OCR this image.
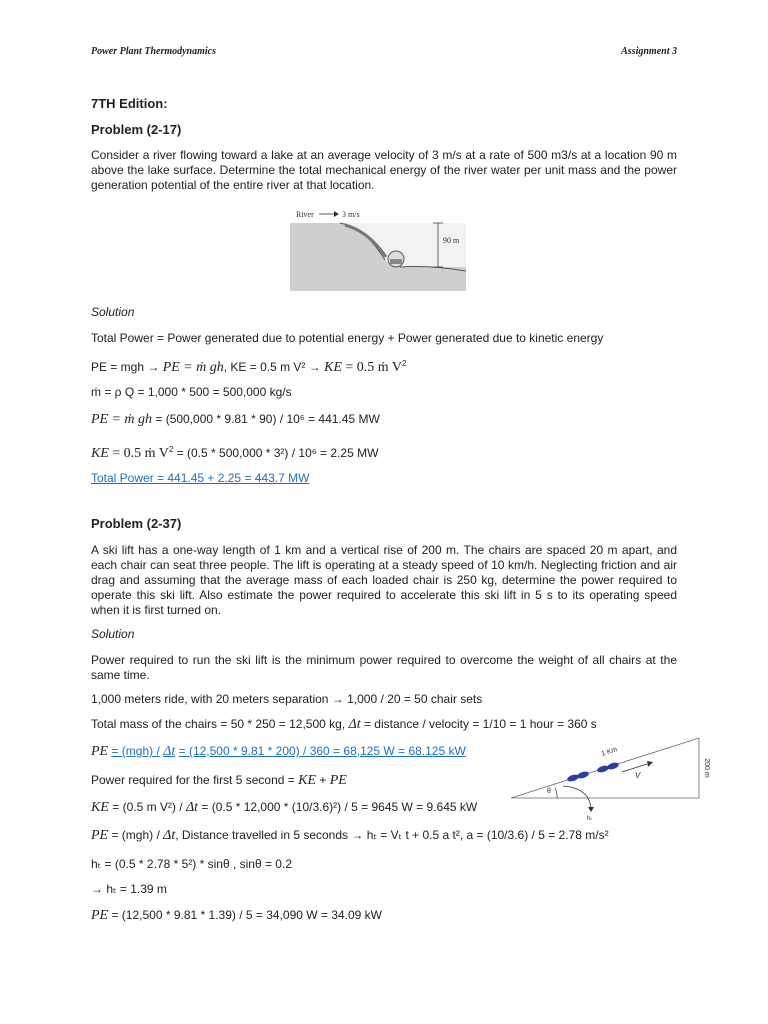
Power Plant Thermodynamics	Assignment 3
7TH Edition:
Problem (2-17)

Consider a river flowing toward a lake at an average velocity of 3 m/s at a rate of 500 m3/s at a location 90 m above the lake surface. Determine the total mechanical energy of the river water per unit mass and the power generation potential of the entire river at that location.

River	3 m/s
90 m
Solution
Total Power = Power generated due to potential energy + Power generated due to kinetic energy
PE = mgh → PE = ṁ gh, KE = 0.5 m V² → KE = 0.5 ṁ $V^2$
ṁ = ρ Q = 1,000 * 500 = 500,000 kg/s
PE = ṁ gh = (500,000 * 9.81 * 90) / 10⁶ = 441.45 MW
KE = 0.5 ṁ $V^2 = (0.5 * 500,000 * 3^2) / 10^6 = 2.25$ MW
Total Power = 441.45 + 2.25 = 443.7 MW
Problem (2-37)

A ski lift has a one-way length of 1 km and a vertical rise of 200 m. The chairs are spaced 20 m apart, and each chair can seat three people. The lift is operating at a steady speed of 10 km/h. Neglecting friction and air drag and assuming that the average mass of each loaded chair is 250 kg, determine the power required to operate this ski lift. Also estimate the power required to accelerate this ski lift in 5 s to its operating speed when it is first turned on.

Solution

Power required to run the ski lift is the minimum power required to overcome the weight of all chairs at the same time.

1,000 meters ride, with 20 meters separation → 1,000 / 20 = 50 chair sets
Total mass of the chairs = 50 * 250 = 12,500 kg, Δt = distance / velocity = 1/10 = 1 hour = 360 s
PE = (mgh) / Δt = (12,500 * 9.81 * 200) / 360 = 68,125 W = 68.125 kW
Power required for the first 5 second = KE + PE
KE = (0.5 m V²) / Δt = (0.5 * 12,000 * (10/3.6)²) / 5 = 9645 W = 9.645 kW
PE = (mgh) / Δt, Distance travelled in 5 seconds → hₜ = Vₜ t + 0.5 a t², a = (10/3.6) / 5 = 2.78 m/s²
hₜ = (0.5 * 2.78 * 5²) * sinθ , sinθ = 0.2
→ hₜ = 1.39 m
PE = (12,500 * 9.81 * 1.39) / 5 = 34,090 W = 34.09 kW
200 m
1 Km
V
θ
hₜ
